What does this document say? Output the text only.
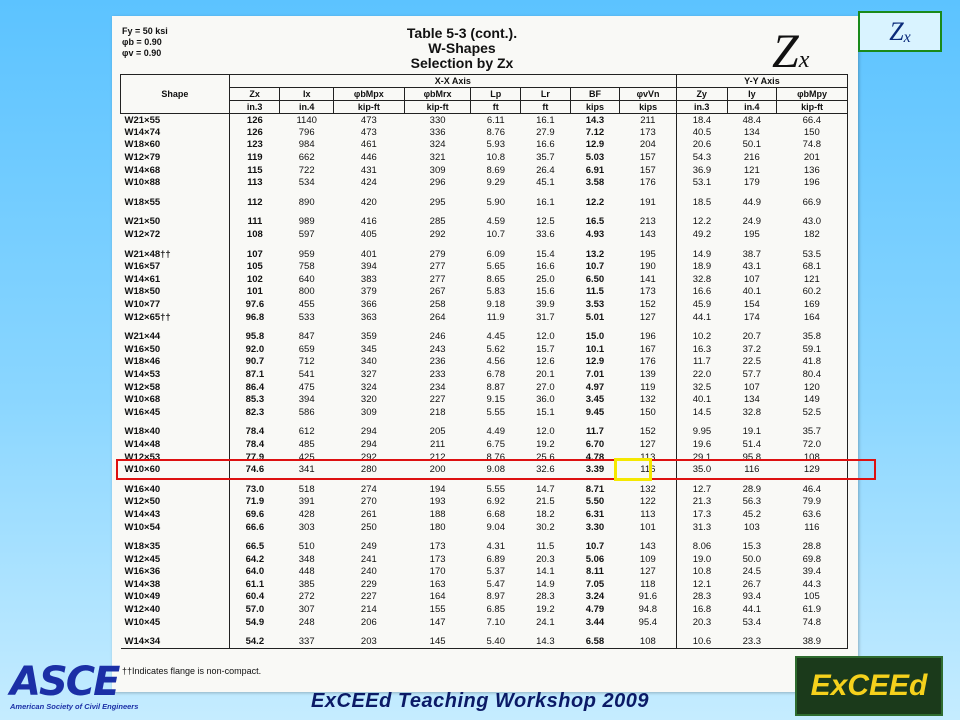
Fy = 50 ksi
φb = 0.90
φv = 0.90
Table 5-3 (cont.).
W-Shapes
Selection by Zx	Zx
Shape	X-X Axis								Y-Y Axis		
	Zx	Ix	φbMpx	φbMrx	Lp	Lr	BF	φvVn	Zy	Iy	φbMpy
	in.3	in.4	kip-ft	kip-ft	ft	ft	kips	kips	in.3	in.4	kip-ft
W21×55	126	1140	473	330	6.11	16.1	14.3	211	18.4	48.4	66.4
W14×74	126	796	473	336	8.76	27.9	7.12	173	40.5	134	150
W18×60	123	984	461	324	5.93	16.6	12.9	204	20.6	50.1	74.8
W12×79	119	662	446	321	10.8	35.7	5.03	157	54.3	216	201
W14×68	115	722	431	309	8.69	26.4	6.91	157	36.9	121	136
W10×88	113	534	424	296	9.29	45.1	3.58	176	53.1	179	196

W18×55	112	890	420	295	5.90	16.1	12.2	191	18.5	44.9	66.9

W21×50	111	989	416	285	4.59	12.5	16.5	213	12.2	24.9	43.0
W12×72	108	597	405	292	10.7	33.6	4.93	143	49.2	195	182

W21×48††	107	959	401	279	6.09	15.4	13.2	195	14.9	38.7	53.5
W16×57	105	758	394	277	5.65	16.6	10.7	190	18.9	43.1	68.1
W14×61	102	640	383	277	8.65	25.0	6.50	141	32.8	107	121
W18×50	101	800	379	267	5.83	15.6	11.5	173	16.6	40.1	60.2
W10×77	97.6	455	366	258	9.18	39.9	3.53	152	45.9	154	169
W12×65††	96.8	533	363	264	11.9	31.7	5.01	127	44.1	174	164

W21×44	95.8	847	359	246	4.45	12.0	15.0	196	10.2	20.7	35.8
W16×50	92.0	659	345	243	5.62	15.7	10.1	167	16.3	37.2	59.1
W18×46	90.7	712	340	236	4.56	12.6	12.9	176	11.7	22.5	41.8
W14×53	87.1	541	327	233	6.78	20.1	7.01	139	22.0	57.7	80.4
W12×58	86.4	475	324	234	8.87	27.0	4.97	119	32.5	107	120
W10×68	85.3	394	320	227	9.15	36.0	3.45	132	40.1	134	149
W16×45	82.3	586	309	218	5.55	15.1	9.45	150	14.5	32.8	52.5

W18×40	78.4	612	294	205	4.49	12.0	11.7	152	9.95	19.1	35.7
W14×48	78.4	485	294	211	6.75	19.2	6.70	127	19.6	51.4	72.0
W12×53	77.9	425	292	212	8.76	25.6	4.78	113	29.1	95.8	108
W10×60	74.6	341	280	200	9.08	32.6	3.39	116	35.0	116	129

W16×40	73.0	518	274	194	5.55	14.7	8.71	132	12.7	28.9	46.4
W12×50	71.9	391	270	193	6.92	21.5	5.50	122	21.3	56.3	79.9
W14×43	69.6	428	261	188	6.68	18.2	6.31	113	17.3	45.2	63.6
W10×54	66.6	303	250	180	9.04	30.2	3.30	101	31.3	103	116

W18×35	66.5	510	249	173	4.31	11.5	10.7	143	8.06	15.3	28.8
W12×45	64.2	348	241	173	6.89	20.3	5.06	109	19.0	50.0	69.8
W16×36	64.0	448	240	170	5.37	14.1	8.11	127	10.8	24.5	39.4
W14×38	61.1	385	229	163	5.47	14.9	7.05	118	12.1	26.7	44.3
W10×49	60.4	272	227	164	8.97	28.3	3.24	91.6	28.3	93.4	105
W12×40	57.0	307	214	155	6.85	19.2	4.79	94.8	16.8	44.1	61.9
W10×45	54.9	248	206	147	7.10	24.1	3.44	95.4	20.3	53.4	74.8

W14×34	54.2	337	203	145	5.40	14.3	6.58	108	10.6	23.3	38.9
††Indicates flange is non-compact.
Z x
ASCE
American Society of Civil Engineers	ExCEEd Teaching Workshop 2009	ExCEEd
